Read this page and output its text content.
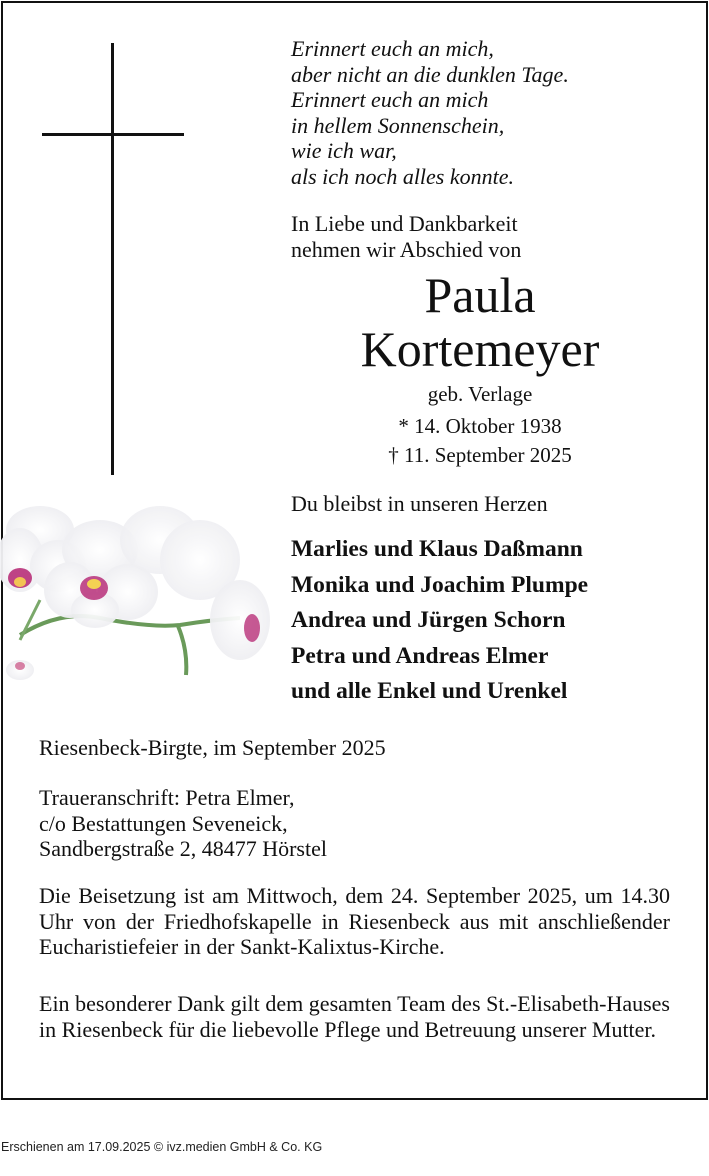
Erinnert euch an mich,
aber nicht an die dunklen Tage.
Erinnert euch an mich
in hellem Sonnenschein,
wie ich war,
als ich noch alles konnte.
In Liebe und Dankbarkeit
nehmen wir Abschied von
Paula
Kortemeyer
geb. Verlage
* 14. Oktober 1938
† 11. September 2025
Du bleibst in unseren Herzen
Marlies und Klaus Daßmann
Monika und Joachim Plumpe
Andrea und Jürgen Schorn
Petra und Andreas Elmer
und alle Enkel und Urenkel
Riesenbeck-Birgte, im September 2025
Traueranschrift: Petra Elmer,
c/o Bestattungen Seveneick,
Sandbergstraße 2, 48477 Hörstel
Die Beisetzung ist am Mittwoch, dem 24. September 2025, um 14.30 Uhr von der Friedhofskapelle in Riesenbeck aus mit anschließender Eucharistiefeier in der Sankt-Kalixtus-Kirche.
Ein besonderer Dank gilt dem gesamten Team des St.-Elisabeth-Hauses in Riesenbeck für die liebevolle Pflege und Betreuung unserer Mutter.
Erschienen am 17.09.2025 © ivz.medien GmbH & Co. KG
